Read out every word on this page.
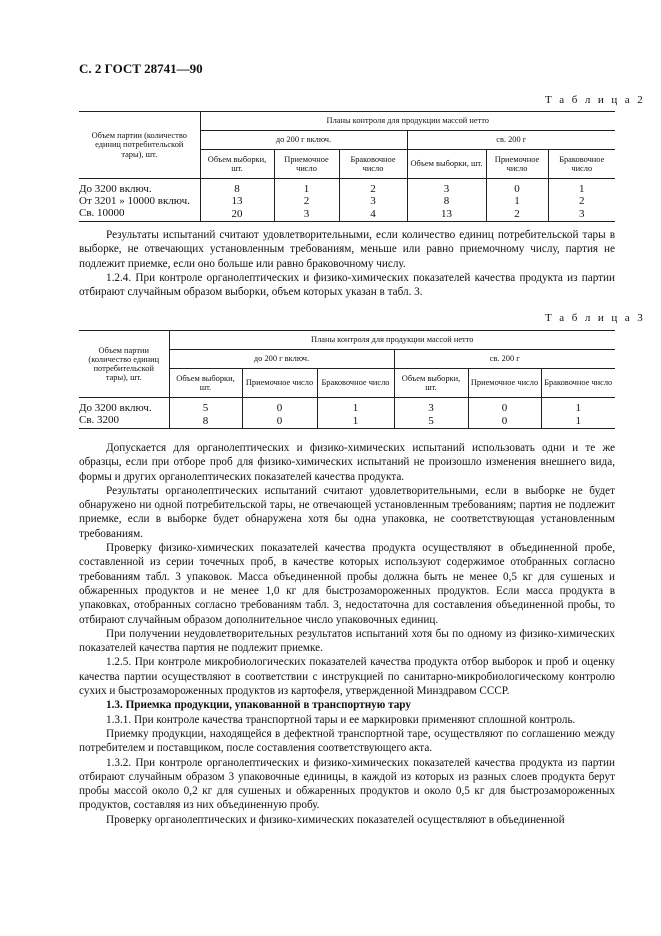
С. 2 ГОСТ 28741—90
Т а б л и ц а 2
Объем партии (количество единиц потребительской тары), шт.	Планы контроля для продукции массой нетто					
	до 200 г включ.			св. 200 г		
	Объем выборки, шт.	Приемочное число	Браковочное число	Объем выборки, шт.	Приемочное число	Браковочное число
До 3200 включ.	8	1	2	3	0	1
От 3201 » 10000 включ.	13	2	3	8	1	2
Св. 10000	20	3	4	13	2	3

Результаты испытаний считают удовлетворительными, если количество единиц потребительской тары в выборке, не отвечающих установленным требованиям, меньше или равно приемочному числу, партия не подлежит приемке, если оно больше или равно браковочному числу.

1.2.4. При контроле органолептических и физико-химических показателей качества продукта из партии отбирают случайным образом выборки, объем которых указан в табл. 3.

Т а б л и ц а 3
Объем партии (количество единиц потребительской тары), шт.	Планы контроля для продукции массой нетто					
	до 200 г включ.			св. 200 г		
	Объем выборки, шт.	Приемочное число	Браковочное число	Объем выборки, шт.	Приемочное число	Браковочное число
До 3200 включ.	5	0	1	3	0	1
Св. 3200	8	0	1	5	0	1

Допускается для органолептических и физико-химических испытаний использовать одни и те же образцы, если при отборе проб для физико-химических испытаний не произошло изменения внешнего вида, формы и других органолептических показателей качества продукта.

Результаты органолептических испытаний считают удовлетворительными, если в выборке не будет обнаружено ни одной потребительской тары, не отвечающей установленным требованиям; партия не подлежит приемке, если в выборке будет обнаружена хотя бы одна упаковка, не соответствующая установленным требованиям.

Проверку физико-химических показателей качества продукта осуществляют в объединенной пробе, составленной из серии точечных проб, в качестве которых используют содержимое отобранных согласно требованиям табл. 3 упаковок. Масса объединенной пробы должна быть не менее 0,5 кг для сушеных и обжаренных продуктов и не менее 1,0 кг для быстрозамороженных продуктов. Если масса продукта в упаковках, отобранных согласно требованиям табл. 3, недостаточна для составления объединенной пробы, то отбирают случайным образом дополнительное число упаковочных единиц.

При получении неудовлетворительных результатов испытаний хотя бы по одному из физико-химических показателей качества партия не подлежит приемке.

1.2.5. При контроле микробиологических показателей качества продукта отбор выборок и проб и оценку качества партии осуществляют в соответствии с инструкцией по санитарно-микробиологическому контролю сухих и быстрозамороженных продуктов из картофеля, утвержденной Минздравом СССР.

1.3. Приемка продукции, упакованной в транспортную тару

1.3.1. При контроле качества транспортной тары и ее маркировки применяют сплошной контроль.

Приемку продукции, находящейся в дефектной транспортной таре, осуществляют по соглашению между потребителем и поставщиком, после составления соответствующего акта.

1.3.2. При контроле органолептических и физико-химических показателей качества продукта из партии отбирают случайным образом 3 упаковочные единицы, в каждой из которых из разных слоев продукта берут пробы массой около 0,2 кг для сушеных и обжаренных продуктов и около 0,5 кг для быстрозамороженных продуктов, составляя из них объединенную пробу.

Проверку органолептических и физико-химических показателей осуществляют в объединенной
